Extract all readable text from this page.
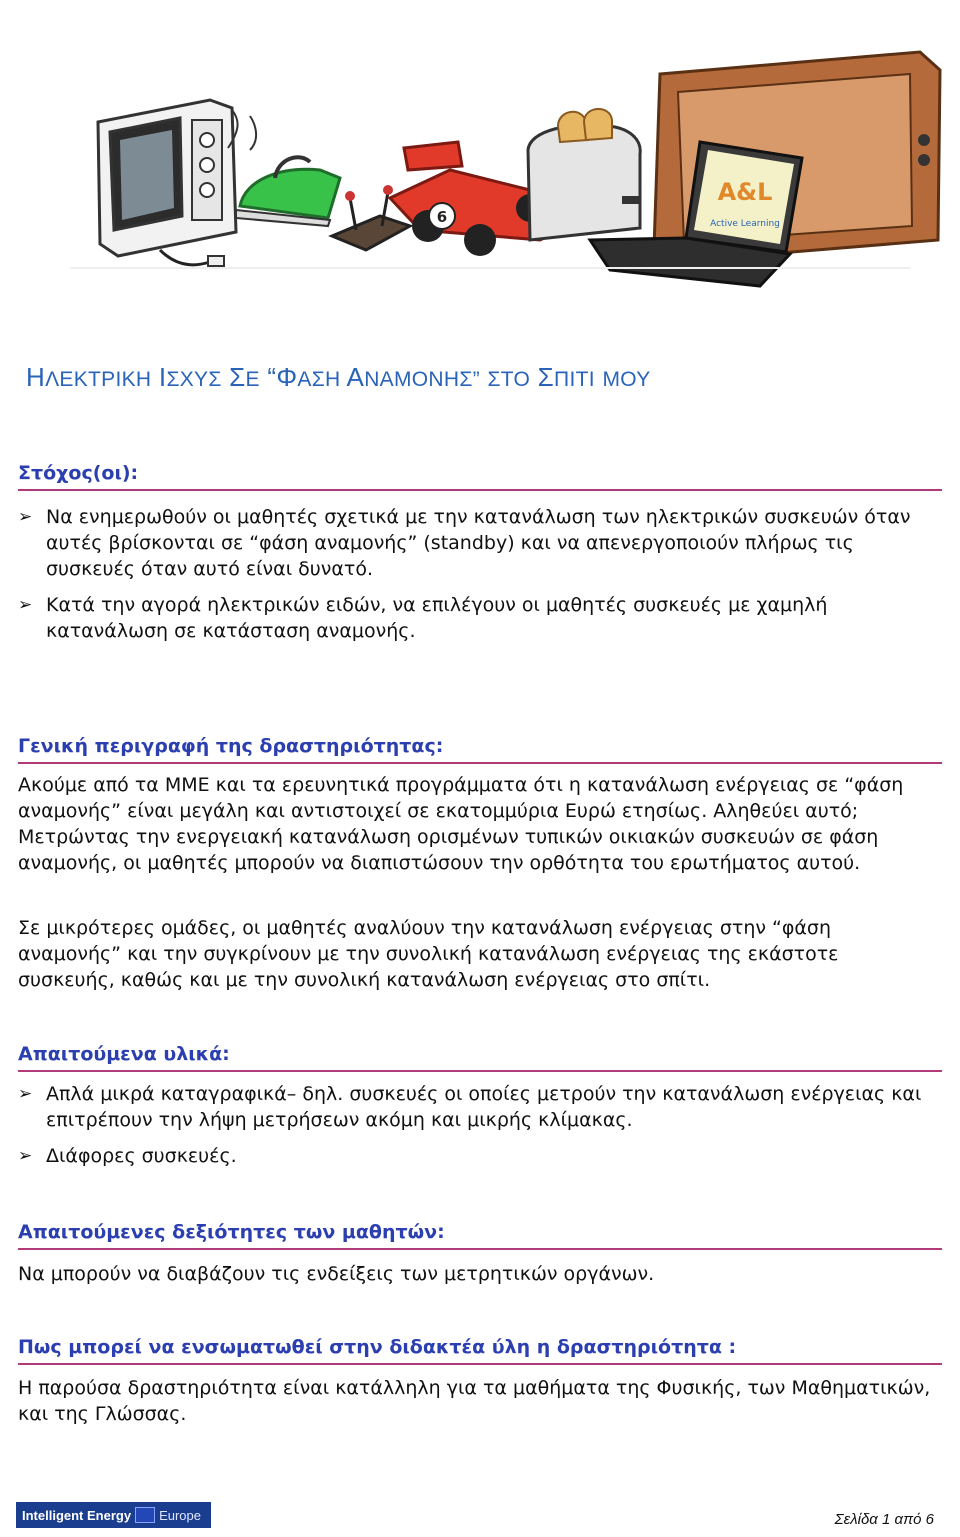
6
A&L
Active Learning
ΗΛΕΚΤΡΙΚΗ ΙΣΧΥΣ ΣΕ “ΦΑΣΗ ΑΝΑΜΟΝΗΣ” ΣΤΟ ΣΠΙΤΙ ΜΟΥ
Στόχος(οι):
➢ Να ενημερωθούν οι μαθητές σχετικά με την κατανάλωση των ηλεκτρικών συσκευών όταν αυτές βρίσκονται σε “φάση αναμονής” (standby) και να απενεργοποιούν πλήρως τις συσκευές όταν αυτό είναι δυνατό.
➢ Κατά την αγορά ηλεκτρικών ειδών, να επιλέγουν οι μαθητές συσκευές με χαμηλή κατανάλωση σε κατάσταση αναμονής.
Γενική περιγραφή της δραστηριότητας:

Ακούμε από τα ΜΜΕ και τα ερευνητικά προγράμματα ότι η κατανάλωση ενέργειας σε “φάση αναμονής” είναι μεγάλη και αντιστοιχεί σε εκατομμύρια Ευρώ ετησίως. Αληθεύει αυτό; Μετρώντας την ενεργειακή κατανάλωση ορισμένων τυπικών οικιακών συσκευών σε φάση αναμονής, οι μαθητές μπορούν να διαπιστώσουν την ορθότητα του ερωτήματος αυτού.

Σε μικρότερες ομάδες, οι μαθητές αναλύουν την κατανάλωση ενέργειας στην “φάση αναμονής” και την συγκρίνουν με την συνολική κατανάλωση ενέργειας της εκάστοτε συσκευής, καθώς και με την συνολική κατανάλωση ενέργειας στο σπίτι.

Απαιτούμενα υλικά:
➢ Απλά μικρά καταγραφικά– δηλ. συσκευές οι οποίες μετρούν την κατανάλωση ενέργειας και επιτρέπουν την λήψη μετρήσεων ακόμη και μικρής κλίμακας.
➢ Διάφορες συσκευές.
Απαιτούμενες δεξιότητες των μαθητών:

Να μπορούν να διαβάζουν τις ενδείξεις των μετρητικών οργάνων.

Πως μπορεί να ενσωματωθεί στην διδακτέα ύλη η δραστηριότητα :

Η παρούσα δραστηριότητα είναι κατάλληλη για τα μαθήματα της Φυσικής, των Μαθηματικών, και της Γλώσσας.

Intelligent Energy	Europe	Σελίδα 1 από 6
